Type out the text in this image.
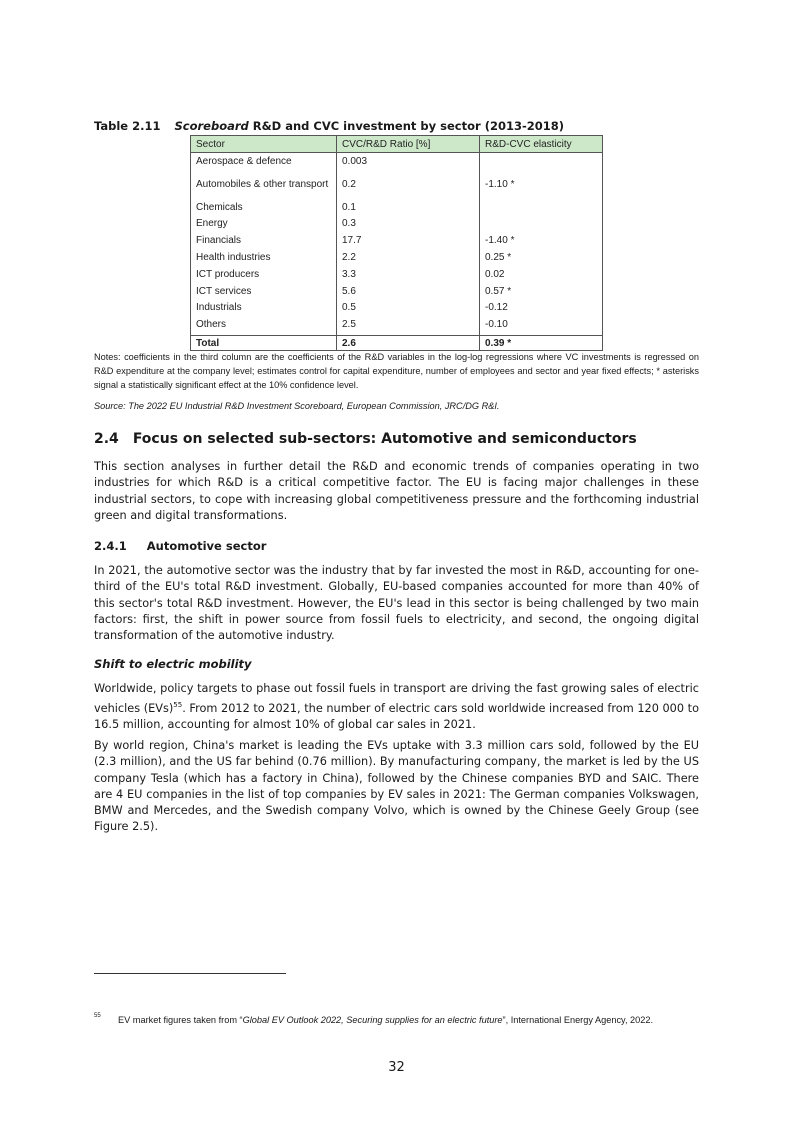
Table 2.11 Scoreboard R&D and CVC investment by sector (2013-2018)
Sector	CVC/R&D Ratio [%]	R&D-CVC elasticity
Aerospace & defence	0.003	
Automobiles & other transport	0.2	-1.10 *
Chemicals	0.1	
Energy	0.3	
Financials	17.7	-1.40 *
Health industries	2.2	0.25 *
ICT producers	3.3	0.02
ICT services	5.6	0.57 *
Industrials	0.5	-0.12
Others	2.5	-0.10
Total	2.6	0.39 *
Notes: coefficients in the third column are the coefficients of the R&D variables in the log-log regressions where VC investments is regressed on R&D expenditure at the company level; estimates control for capital expenditure, number of employees and sector and year fixed effects; * asterisks signal a statistically significant effect at the 10% confidence level.
Source: The 2022 EU Industrial R&D Investment Scoreboard, European Commission, JRC/DG R&I.
2.4 Focus on selected sub-sectors: Automotive and semiconductors
This section analyses in further detail the R&D and economic trends of companies operating in two industries for which R&D is a critical competitive factor. The EU is facing major challenges in these industrial sectors, to cope with increasing global competitiveness pressure and the forthcoming industrial green and digital transformations.
2.4.1 Automotive sector
In 2021, the automotive sector was the industry that by far invested the most in R&D, accounting for one-third of the EU's total R&D investment. Globally, EU-based companies accounted for more than 40% of this sector's total R&D investment. However, the EU's lead in this sector is being challenged by two main factors: first, the shift in power source from fossil fuels to electricity, and second, the ongoing digital transformation of the automotive industry.
Shift to electric mobility
Worldwide, policy targets to phase out fossil fuels in transport are driving the fast growing sales of electric vehicles (EVs)$^{55}$. From 2012 to 2021, the number of electric cars sold worldwide increased from 120 000 to 16.5 million, accounting for almost 10% of global car sales in 2021.
By world region, China's market is leading the EVs uptake with 3.3 million cars sold, followed by the EU (2.3 million), and the US far behind (0.76 million). By manufacturing company, the market is led by the US company Tesla (which has a factory in China), followed by the Chinese companies BYD and SAIC. There are 4 EU companies in the list of top companies by EV sales in 2021: The German companies Volkswagen, BMW and Mercedes, and the Swedish company Volvo, which is owned by the Chinese Geely Group (see Figure 2.5).
$^{55}$ EV market figures taken from “Global EV Outlook 2022, Securing supplies for an electric future”, International Energy Agency, 2022.
32
